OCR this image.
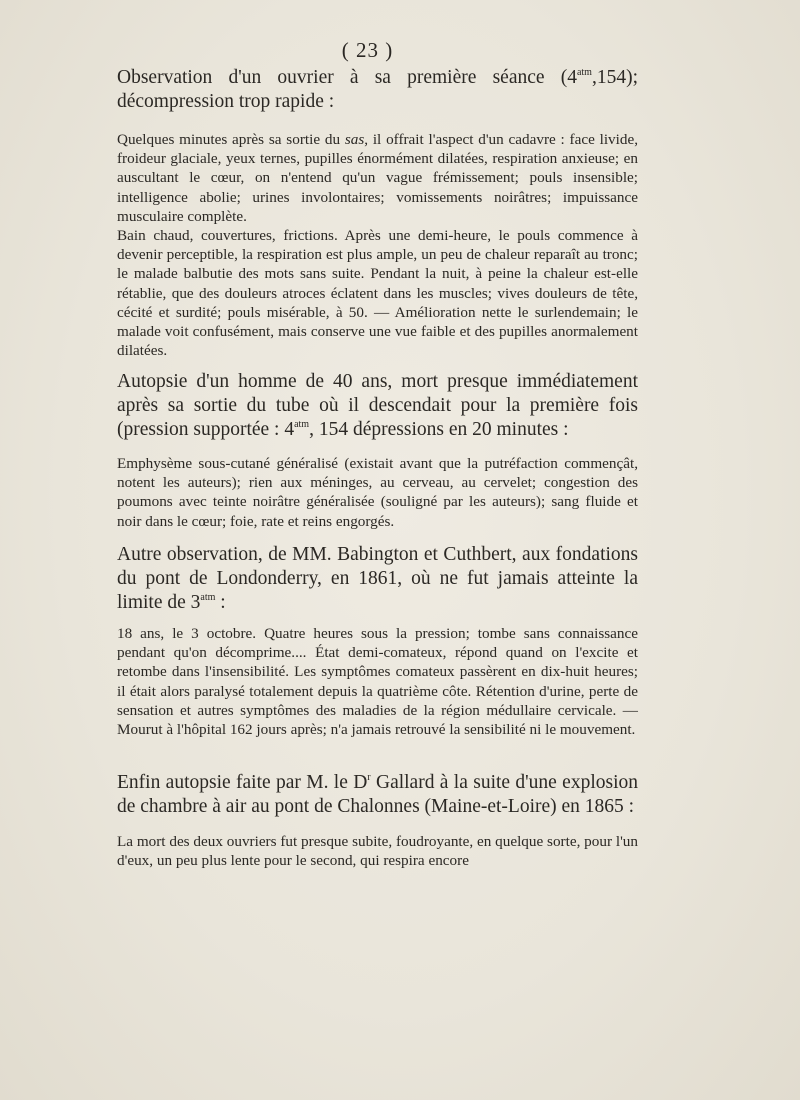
( 23 )

Observation d'un ouvrier à sa première séance $(4^{atm},154)$; décompression trop rapide :

Quelques minutes après sa sortie du sas, il offrait l'aspect d'un cadavre : face livide, froideur glaciale, yeux ternes, pupilles énormément dilatées, respiration anxieuse; en auscultant le cœur, on n'entend qu'un vague frémissement; pouls insensible; intelligence abolie; urines involontaires; vomissements noirâtres; impuissance musculaire complète.

Bain chaud, couvertures, frictions. Après une demi-heure, le pouls commence à devenir perceptible, la respiration est plus ample, un peu de chaleur reparaît au tronc; le malade balbutie des mots sans suite. Pendant la nuit, à peine la chaleur est-elle rétablie, que des douleurs atroces éclatent dans les muscles; vives douleurs de tête, cécité et surdité; pouls misérable, à 50. — Amélioration nette le surlendemain; le malade voit confusément, mais conserve une vue faible et des pupilles anormalement dilatées.

Autopsie d'un homme de 40 ans, mort presque immédiatement après sa sortie du tube où il descendait pour la première fois (pression supportée : $4^{atm}$, 154 dépressions en 20 minutes :

Emphysème sous-cutané généralisé (existait avant que la putréfaction commençât, notent les auteurs); rien aux méninges, au cerveau, au cervelet; congestion des poumons avec teinte noirâtre généralisée (souligné par les auteurs); sang fluide et noir dans le cœur; foie, rate et reins engorgés.

Autre observation, de MM. Babington et Cuthbert, aux fondations du pont de Londonderry, en 1861, où ne fut jamais atteinte la limite de $3^{atm}$ :

18 ans, le 3 octobre. Quatre heures sous la pression; tombe sans connaissance pendant qu'on décomprime.... État demi-comateux, répond quand on l'excite et retombe dans l'insensibilité. Les symptômes comateux passèrent en dix-huit heures; il était alors paralysé totalement depuis la quatrième côte. Rétention d'urine, perte de sensation et autres symptômes des maladies de la région médullaire cervicale. — Mourut à l'hôpital 162 jours après; n'a jamais retrouvé la sensibilité ni le mouvement.

Enfin autopsie faite par M. le $D^r$ Gallard à la suite d'une explosion de chambre à air au pont de Chalonnes (Maine-et-Loire) en 1865 :

La mort des deux ouvriers fut presque subite, foudroyante, en quelque sorte, pour l'un d'eux, un peu plus lente pour le second, qui respira encore
